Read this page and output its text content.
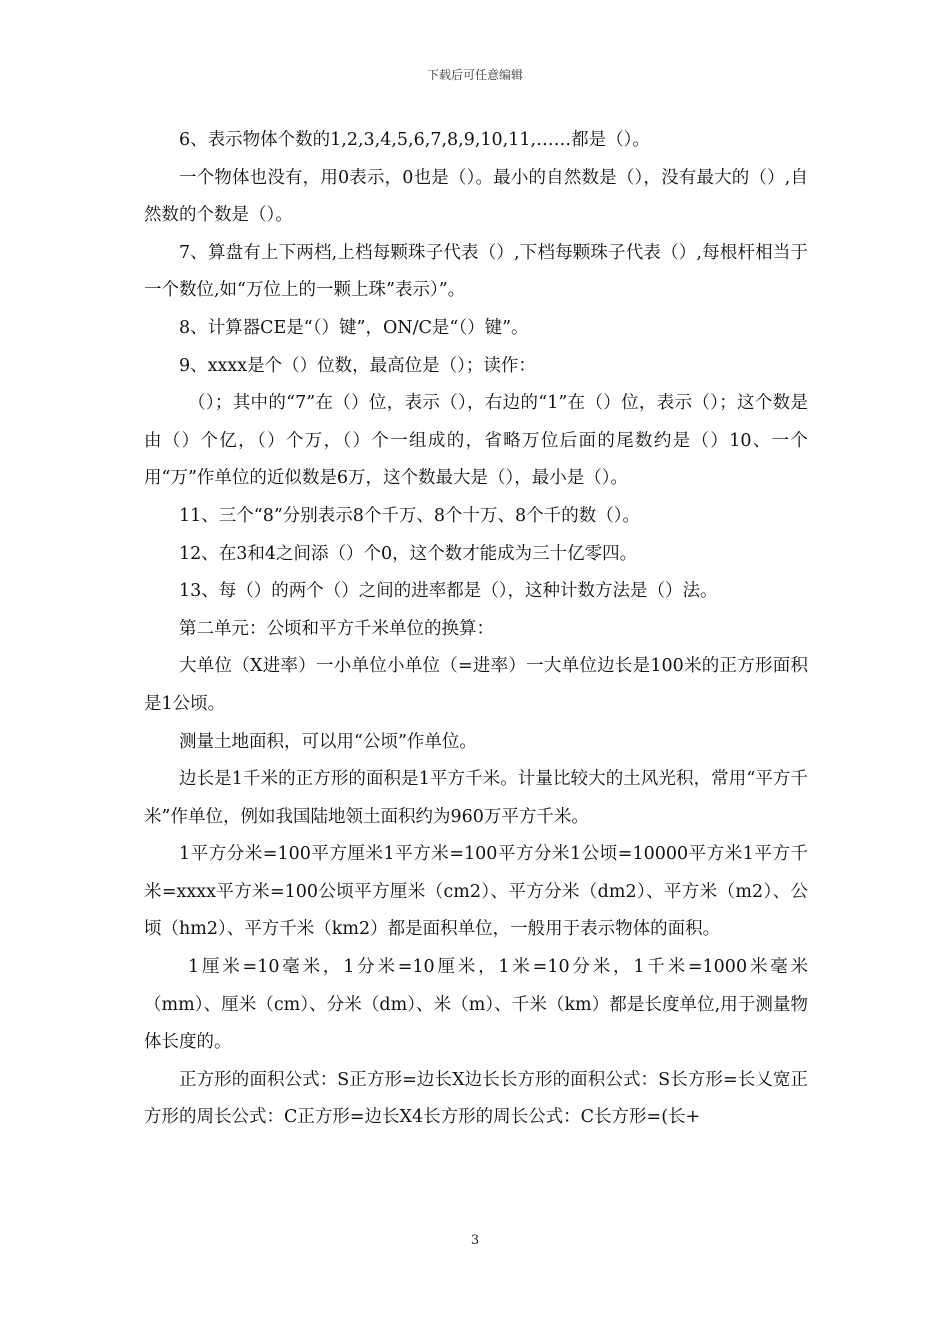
下载后可任意编辑

6、表示物体个数的1,2,3,4,5,6,7,8,9,10,11,……都是（）。

一个物体也没有，用0表示，0也是（）。最小的自然数是（），没有最大的（）,自然数的个数是（）。

7、算盘有上下两档,上档每颗珠子代表（）,下档每颗珠子代表（）,每根杆相当于一个数位,如“万位上的一颗上珠”表示）”。

8、计算器CE是“（）键”，ON/C是“（）键”。

9、xxxx是个（）位数，最高位是（）；读作：

（）；其中的“7”在（）位，表示（），右边的“1”在（）位，表示（）；这个数是由（）个亿，（）个万，（）个一组成的，省略万位后面的尾数约是（）10、一个用“万”作单位的近似数是6万，这个数最大是（），最小是（）。

11、三个“8”分别表示8个千万、8个十万、8个千的数（）。

12、在3和4之间添（）个0，这个数才能成为三十亿零四。

13、每（）的两个（）之间的进率都是（），这种计数方法是（）法。

第二单元：公顷和平方千米单位的换算：

大单位（X进率）一小单位小单位（=进率）一大单位边长是100米的正方形面积是1公顷。

测量土地面积，可以用“公顷”作单位。

边长是1千米的正方形的面积是1平方千米。计量比较大的土风光积，常用“平方千米”作单位，例如我国陆地领土面积约为960万平方千米。

1平方分米=100平方厘米1平方米=100平方分米1公顷=10000平方米1平方千米=xxxx平方米=100公顷平方厘米（cm2）、平方分米（dm2）、平方米（m2）、公顷（hm2）、平方千米（km2）都是面积单位，一般用于表示物体的面积。

1厘米=10毫米，1分米=10厘米，1米=10分米，1千米=1000米毫米（mm）、厘米（cm）、分米（dm）、米（m）、千米（km）都是长度单位,用于测量物体长度的。

正方形的面积公式：S正方形=边长X边长长方形的面积公式：S长方形=长乂宽正方形的周长公式：C正方形=边长X4长方形的周长公式：C长方形=(长+

3
